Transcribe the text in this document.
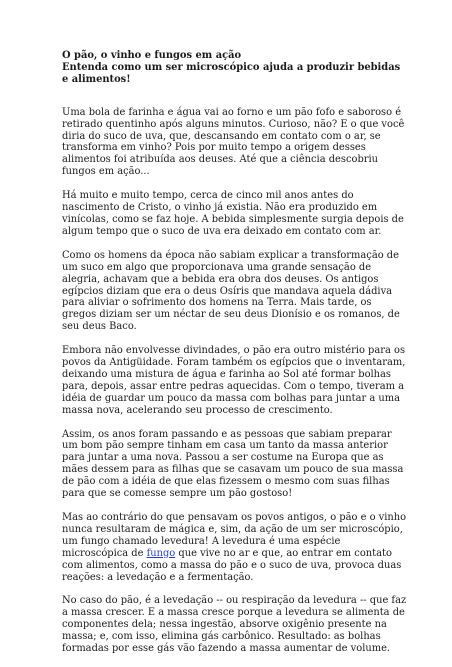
O pão, o vinho e fungos em ação
Entenda como um ser microscópico ajuda a produzir bebidas e alimentos!

Uma bola de farinha e água vai ao forno e um pão fofo e saboroso é retirado quentinho após alguns minutos. Curioso, não? E o que você diria do suco de uva, que, descansando em contato com o ar, se transforma em vinho? Pois por muito tempo a origem desses alimentos foi atribuída aos deuses. Até que a ciência descobriu fungos em ação...

Há muito e muito tempo, cerca de cinco mil anos antes do nascimento de Cristo, o vinho já existia. Não era produzido em vinícolas, como se faz hoje. A bebida simplesmente surgia depois de algum tempo que o suco de uva era deixado em contato com ar.

Como os homens da época não sabiam explicar a transformação de um suco em algo que proporcionava uma grande sensação de alegria, achavam que a bebida era obra dos deuses. Os antigos egípcios diziam que era o deus Osíris que mandava aquela dádiva para aliviar o sofrimento dos homens na Terra. Mais tarde, os gregos diziam ser um néctar de seu deus Dionísio e os romanos, de seu deus Baco.

Embora não envolvesse divindades, o pão era outro mistério para os povos da Antigüidade. Foram também os egípcios que o inventaram, deixando uma mistura de água e farinha ao Sol até formar bolhas para, depois, assar entre pedras aquecidas. Com o tempo, tiveram a idéia de guardar um pouco da massa com bolhas para juntar a uma massa nova, acelerando seu processo de crescimento.

Assim, os anos foram passando e as pessoas que sabiam preparar um bom pão sempre tinham em casa um tanto da massa anterior para juntar a uma nova. Passou a ser costume na Europa que as mães dessem para as filhas que se casavam um pouco de sua massa de pão com a idéia de que elas fizessem o mesmo com suas filhas para que se comesse sempre um pão gostoso!

Mas ao contrário do que pensavam os povos antigos, o pão e o vinho nunca resultaram de mágica e, sim, da ação de um ser microscópio, um fungo chamado levedura! A levedura é uma espécie microscópica de fungo que vive no ar e que, ao entrar em contato com alimentos, como a massa do pão e o suco de uva, provoca duas reações: a levedação e a fermentação.

No caso do pão, é a levedação -- ou respiração da levedura -- que faz a massa crescer. E a massa cresce porque a levedura se alimenta de componentes dela; nessa ingestão, absorve oxigênio presente na massa; e, com isso, elimina gás carbônico. Resultado: as bolhas formadas por esse gás vão fazendo a massa aumentar de volume.
